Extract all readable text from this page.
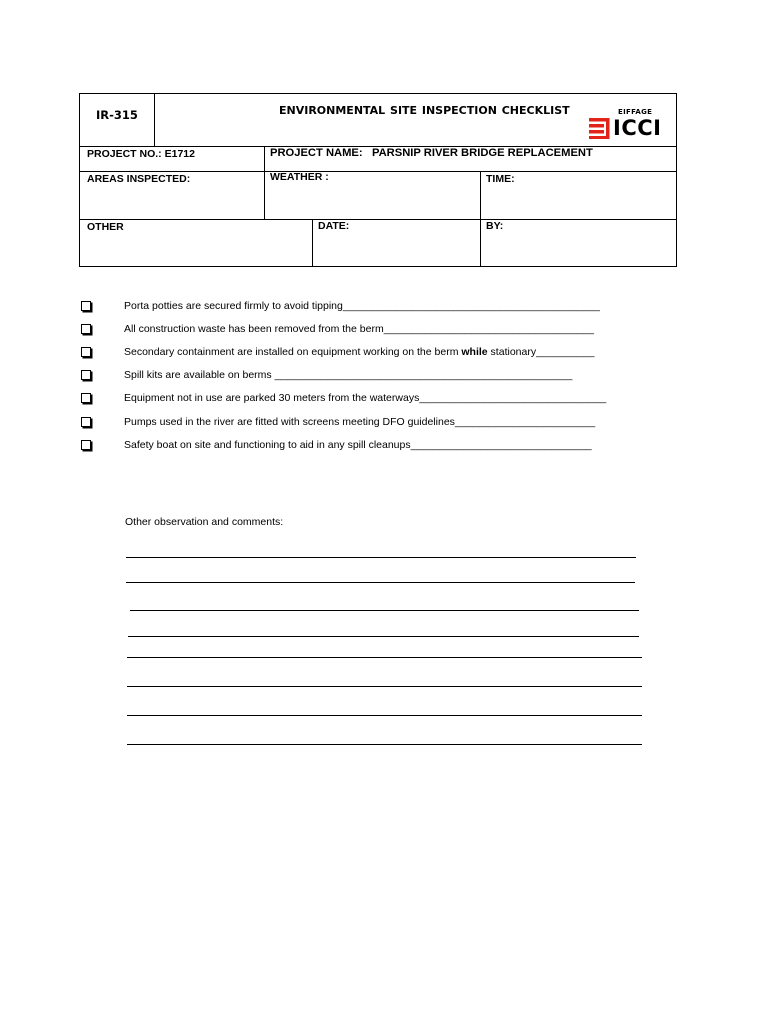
IR-315	ENVIRONMENTAL SITE INSPECTION CHECKLIST	EIFFAGE
ICCI
PROJECT NO.: E1712	PROJECT NAME: PARSNIP RIVER BRIDGE REPLACEMENT
AREAS INSPECTED:	WEATHER :	TIME:
OTHER	DATE:	BY:
Porta potties are secured firmly to avoid tipping____________________________________________
All construction waste has been removed from the berm____________________________________
Secondary containment are installed on equipment working on the berm while stationary__________
Spill kits are available on berms ___________________________________________________
Equipment not in use are parked 30 meters from the waterways________________________________
Pumps used in the river are fitted with screens meeting DFO guidelines________________________
Safety boat on site and functioning to aid in any spill cleanups_______________________________
Other observation and comments:
